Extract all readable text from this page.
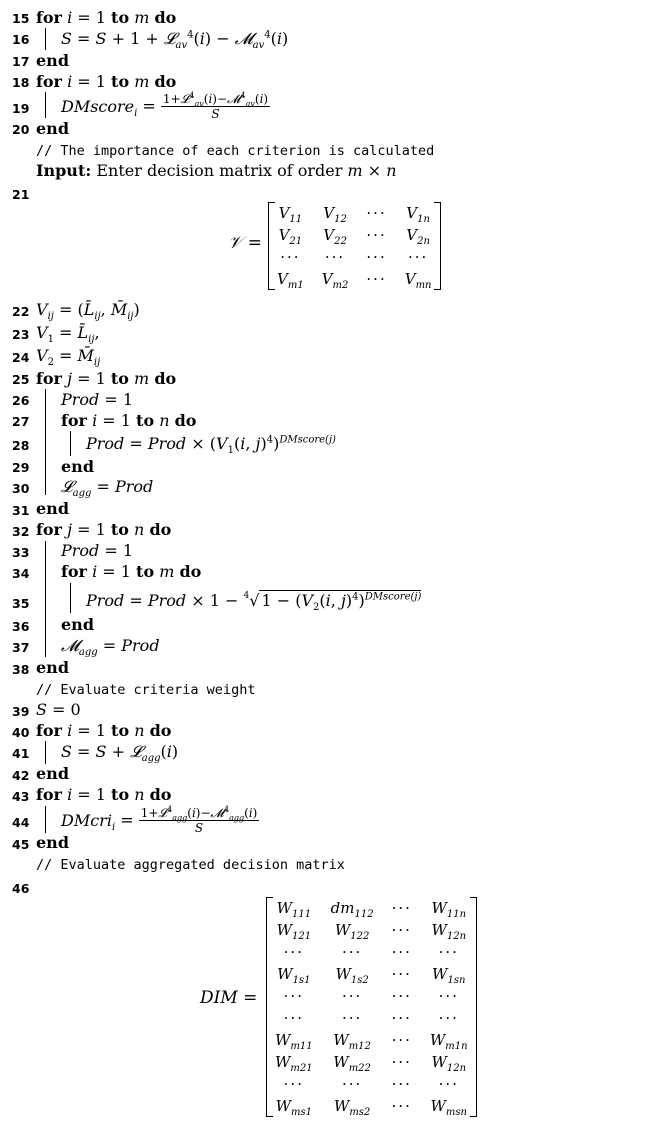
15 for i = 1 to m do
16 S = S + 1 + 𝓛$_{av}^4$(i) − 𝓜$_{av}^4$(i)
17 end
18 for i = 1 to m do
19 DMscore$_i$ = $\frac{1+𝓛^4_{av}(i)-𝓜^4_{av}(i)}{S}$
20 end
// The importance of each criterion is calculated
Input: Enter decision matrix of order m × n
21
𝒱 =
$V_{11}$	$V_{12}$	···	$V_{1n}$
$V_{21}$	$V_{22}$	···	$V_{2n}$
···	···	···	···
$V_{m1}$	$V_{m2}$	···	$V_{mn}$
22 $V_{ij}$ = ($L̄_{ij}$, $M̄_{ij}$)
23 $V_1$ = $L̄_{ij}$,
24 $V_2$ = $M̄_{ij}$
25 for j = 1 to m do
26 Prod = 1
27 for i = 1 to n do
28	Prod = Prod × ($V_1(i$, j)$^4$)$^{DMscore(j)}$
29 end
30 𝓛$_{agg}$ = Prod
31 end
32 for j = 1 to n do
33 Prod = 1
34 for i = 1 to m do
35	Prod = Prod × 1 − $^4$√ $1 - (V_2(i$, j)$^4$)$^{DMscore(j)}$
36 end
37 𝓜$_{agg}$ = Prod
38 end
// Evaluate criteria weight
39 S = 0
40 for i = 1 to n do
41 S = S + 𝓛$_{agg}$(i)
42 end
43 for i = 1 to n do
44 DMcri$_i$ = $\frac{1+𝓛^4_{agg}(i)-𝓜^4_{agg}(i)}{S}$
45 end
// Evaluate aggregated decision matrix
46
DIM =
$W_{111}$	$dm_{112}$	···	$W_{11n}$
$W_{121}$	$W_{122}$	···	$W_{12n}$
···	···	···	···
$W_{1s1}$	$W_{1s2}$	···	$W_{1sn}$
···	···	···	···
···	···	···	···
$W_{m11}$	$W_{m12}$	···	$W_{m1n}$
$W_{m21}$	$W_{m22}$	···	$W_{12n}$
···	···	···	···
$W_{ms1}$	$W_{ms2}$	···	$W_{msn}$
